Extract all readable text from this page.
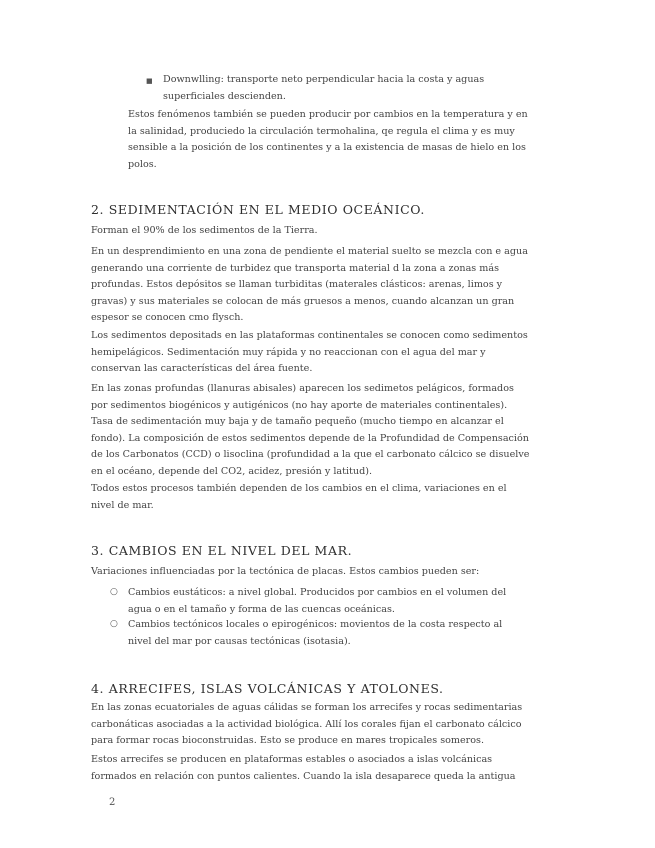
■ Downwlling: transporte neto perpendicular hacia la costa y aguas superficiales descienden.

Estos fenómenos también se pueden producir por cambios en la temperatura y en la salinidad, produciedo la circulación termohalina, qe regula el clima y es muy sensible a la posición de los continentes y a la existencia de masas de hielo en los polos.

2. SEDIMENTACIÓN EN EL MEDIO OCEÁNICO.

Forman el 90% de los sedimentos de la Tierra.

En un desprendimiento en una zona de pendiente el material suelto se mezcla con e agua generando una corriente de turbidez que transporta material d la zona a zonas más profundas. Estos depósitos se llaman turbiditas (materales clásticos: arenas, limos y gravas) y sus materiales se colocan de más gruesos a menos, cuando alcanzan un gran espesor se conocen cmo flysch.

Los sedimentos depositads en las plataformas continentales se conocen como sedimentos hemipelágicos. Sedimentación muy rápida y no reaccionan con el agua del mar y conservan las características del área fuente.

En las zonas profundas (llanuras abisales) aparecen los sedimetos pelágicos, formados por sedimentos biogénicos y autigénicos (no hay aporte de materiales continentales). Tasa de sedimentación muy baja y de tamaño pequeño (mucho tiempo en alcanzar el fondo). La composición de estos sedimentos depende de la Profundidad de Compensación de los Carbonatos (CCD) o lisoclina (profundidad a la que el carbonato cálcico se disuelve en el océano, depende del CO2, acidez, presión y latitud).

Todos estos procesos también dependen de los cambios en el clima, variaciones en el nivel de mar.

3. CAMBIOS EN EL NIVEL DEL MAR.

Variaciones influenciadas por la tectónica de placas. Estos cambios pueden ser:

○ Cambios eustáticos: a nivel global. Producidos por cambios en el volumen del agua o en el tamaño y forma de las cuencas oceánicas.

○ Cambios tectónicos locales o epirogénicos: movientos de la costa respecto al nivel del mar por causas tectónicas (isotasia).

4. ARRECIFES, ISLAS VOLCÁNICAS Y ATOLONES.

En las zonas ecuatoriales de aguas cálidas se forman los arrecifes y rocas sedimentarias carbonáticas asociadas a la actividad biológica. Allí los corales fijan el carbonato cálcico para formar rocas bioconstruidas. Esto se produce en mares tropicales someros.

Estos arrecifes se producen en plataformas estables o asociados a islas volcánicas formados en relación con puntos calientes. Cuando la isla desaparece queda la antigua

2
